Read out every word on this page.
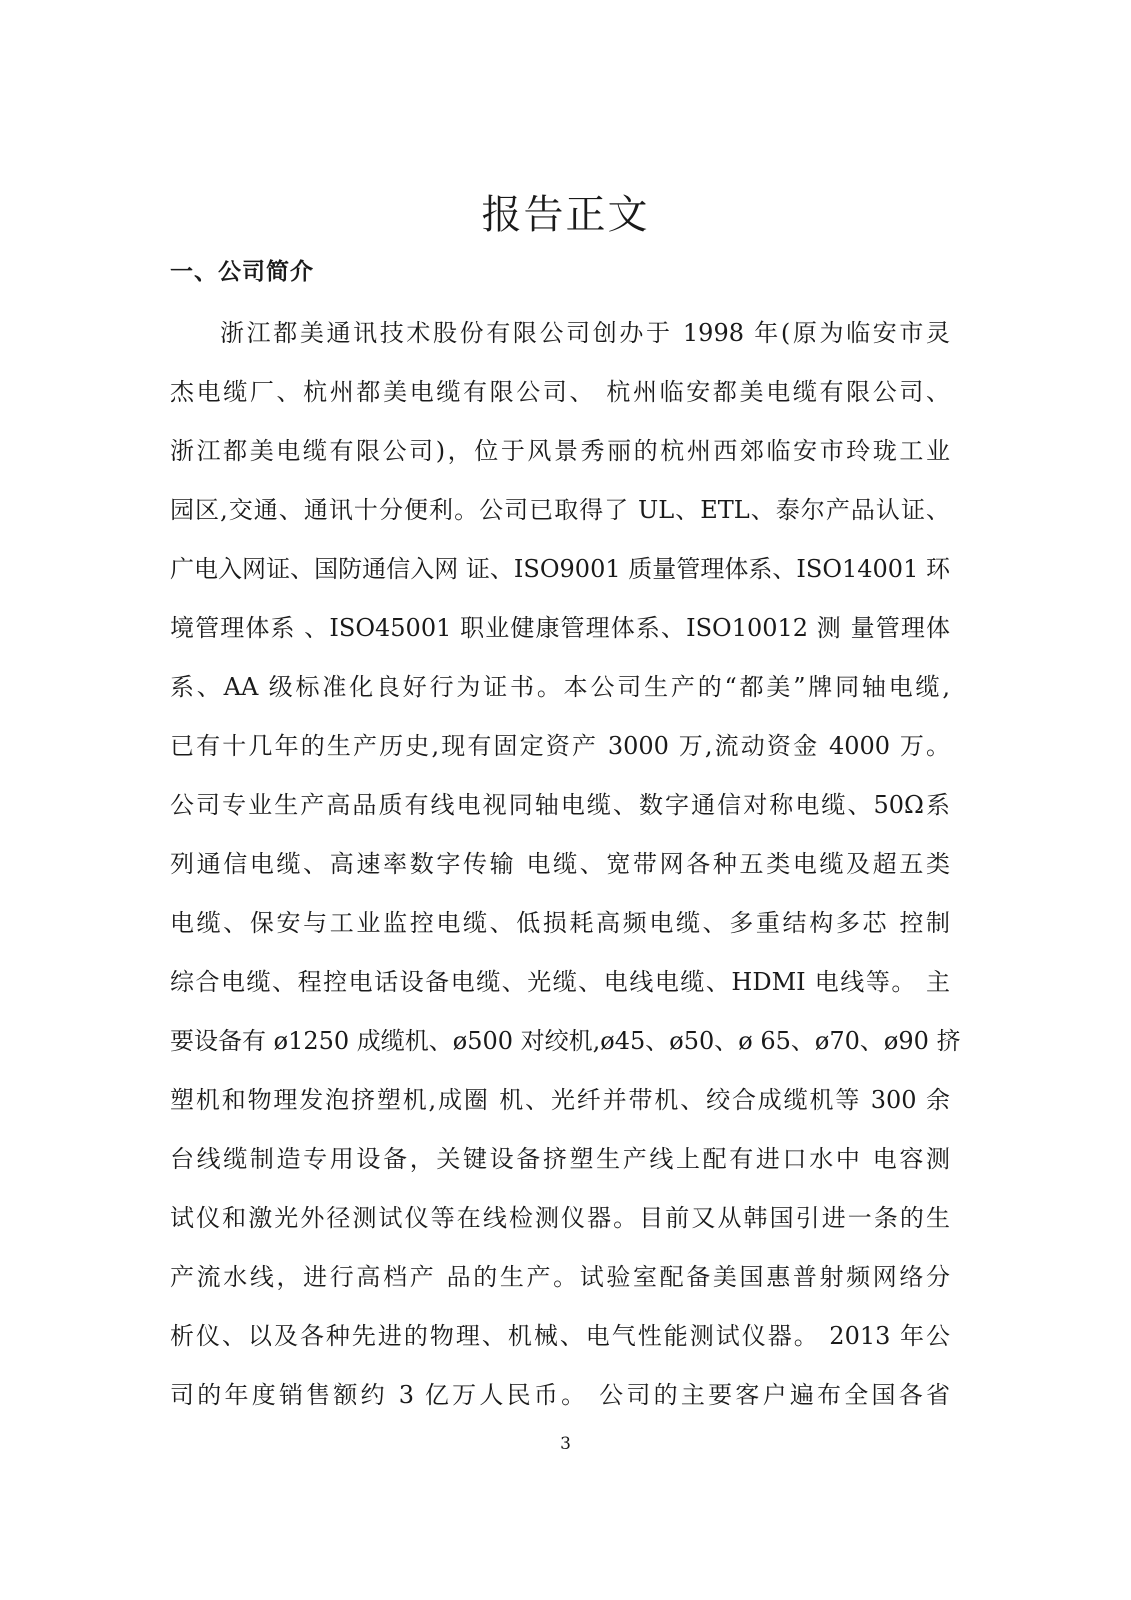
报告正文
一、公司简介
浙江都美通讯技术股份有限公司创办于 1998 年(原为临安市灵
杰电缆厂、杭州都美电缆有限公司、 杭州临安都美电缆有限公司、
浙江都美电缆有限公司)，位于风景秀丽的杭州西郊临安市玲珑工业
园区,交通、通讯十分便利。公司已取得了 UL、ETL、泰尔产品认证、
广电入网证、国防通信入网 证、ISO9001 质量管理体系、ISO14001 环
境管理体系 、ISO45001 职业健康管理体系、ISO10012 测 量管理体
系、AA 级标准化良好行为证书。本公司生产的“都美”牌同轴电缆,
已有十几年的生产历史,现有固定资产 3000 万,流动资金 4000 万。
公司专业生产高品质有线电视同轴电缆、数字通信对称电缆、50Ω系
列通信电缆、高速率数字传输 电缆、宽带网各种五类电缆及超五类
电缆、保安与工业监控电缆、低损耗高频电缆、多重结构多芯 控制
综合电缆、程控电话设备电缆、光缆、电线电缆、HDMI 电线等。 主
要设备有 ø1250 成缆机、ø500 对绞机,ø45、ø50、ø 65、ø70、ø90 挤
塑机和物理发泡挤塑机,成圈 机、光纤并带机、绞合成缆机等 300 余
台线缆制造专用设备，关键设备挤塑生产线上配有进口水中 电容测
试仪和激光外径测试仪等在线检测仪器。目前又从韩国引进一条的生
产流水线，进行高档产 品的生产。试验室配备美国惠普射频网络分
析仪、以及各种先进的物理、机械、电气性能测试仪器。 2013 年公
司的年度销售额约 3 亿万人民币。 公司的主要客户遍布全国各省
3
